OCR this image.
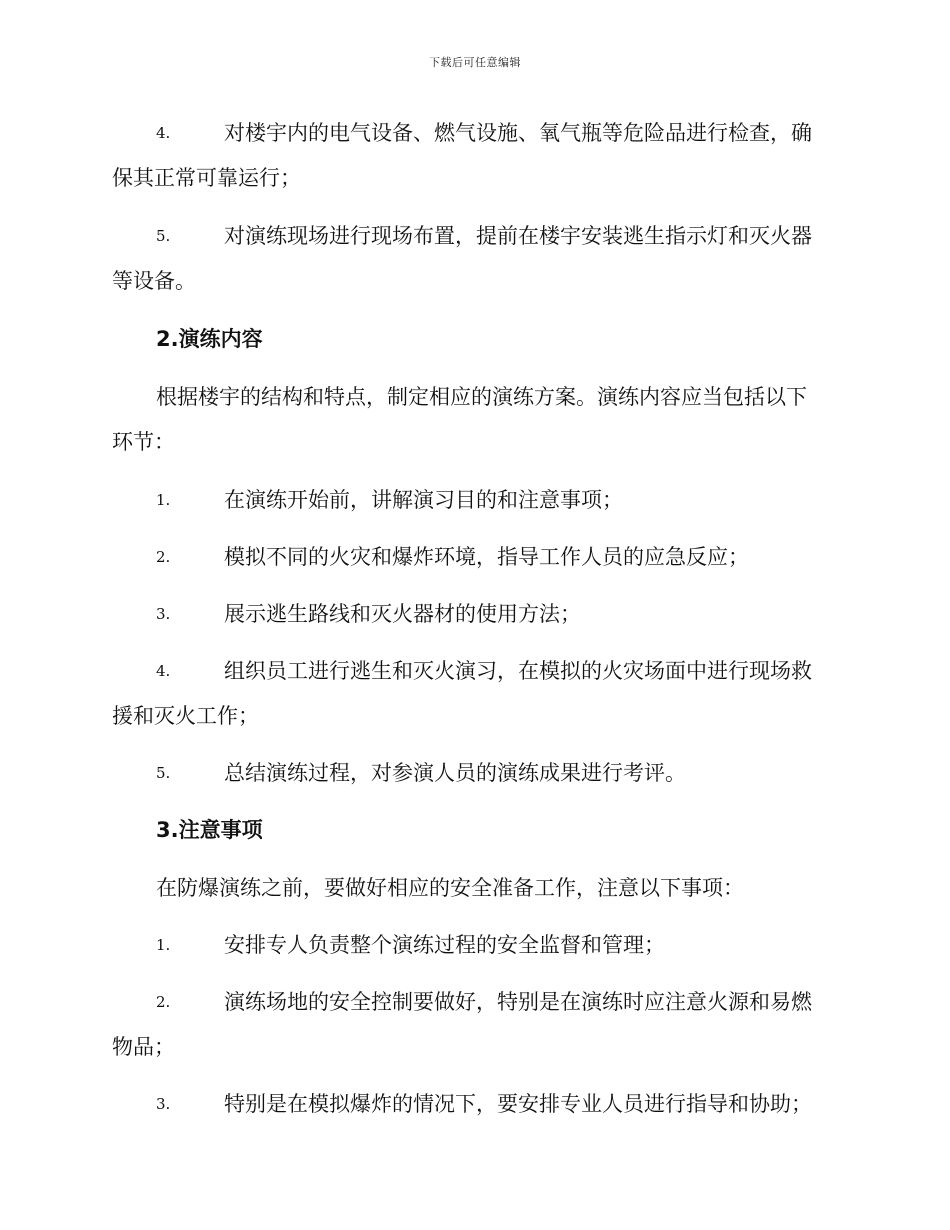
下载后可任意编辑
4.	对楼宇内的电气设备、燃气设施、氧气瓶等危险品进行检查，确
保其正常可靠运行；
5.	对演练现场进行现场布置，提前在楼宇安装逃生指示灯和灭火器
等设备。
2.演练内容
根据楼宇的结构和特点，制定相应的演练方案。演练内容应当包括以下
环节：
1.	在演练开始前，讲解演习目的和注意事项；
2.	模拟不同的火灾和爆炸环境，指导工作人员的应急反应；
3.	展示逃生路线和灭火器材的使用方法；
4.	组织员工进行逃生和灭火演习，在模拟的火灾场面中进行现场救
援和灭火工作；
5.	总结演练过程，对参演人员的演练成果进行考评。
3.注意事项
在防爆演练之前，要做好相应的安全准备工作，注意以下事项：
1.	安排专人负责整个演练过程的安全监督和管理；
2.	演练场地的安全控制要做好，特别是在演练时应注意火源和易燃
物品；
3.	特别是在模拟爆炸的情况下，要安排专业人员进行指导和协助；
